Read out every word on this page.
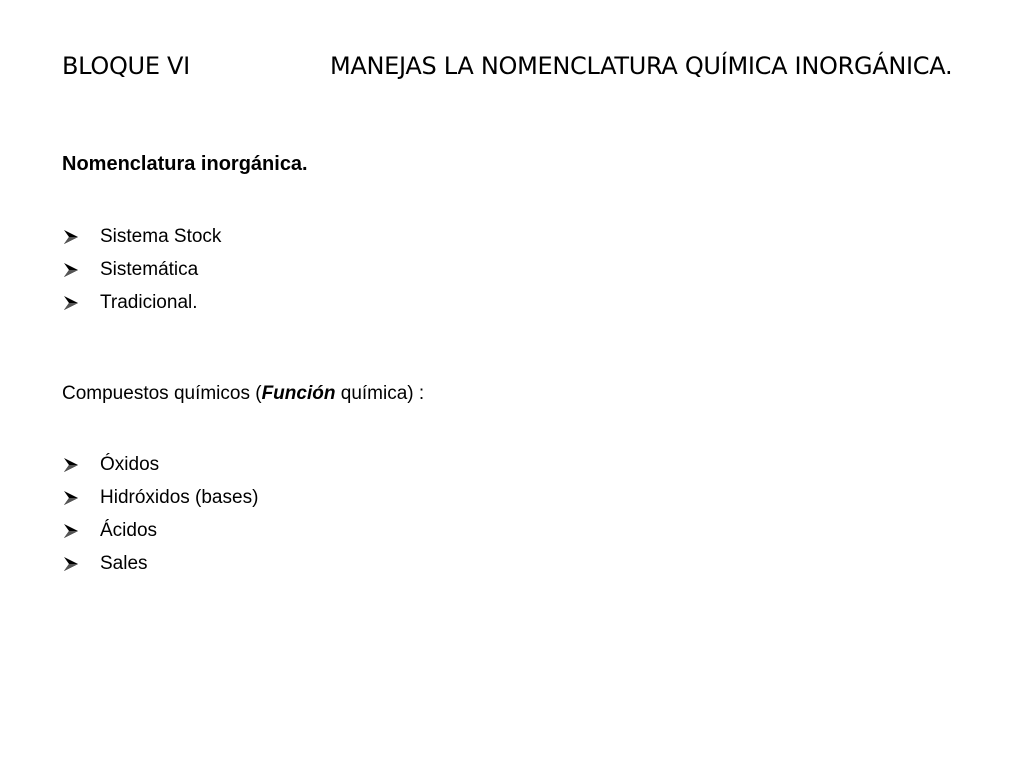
BLOQUE VI	MANEJAS LA NOMENCLATURA QUÍMICA INORGÁNICA.
Nomenclatura inorgánica.
Sistema Stock
Sistemática
Tradicional.
Compuestos químicos (Función química) :
Óxidos
Hidróxidos (bases)
Ácidos
Sales
